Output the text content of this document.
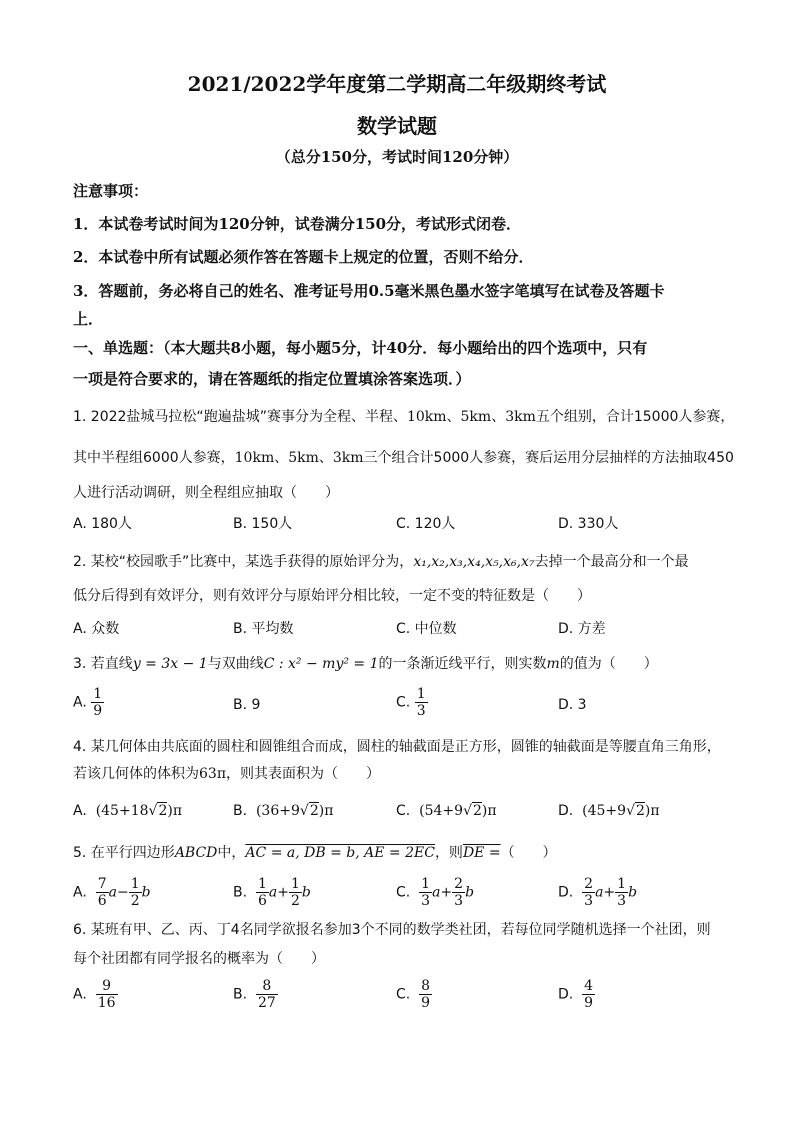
2021/2022学年度第二学期高二年级期终考试
数学试题
（总分150分，考试时间120分钟）
注意事项：
1．本试卷考试时间为120分钟，试卷满分150分，考试形式闭卷．
2．本试卷中所有试题必须作答在答题卡上规定的位置，否则不给分．
3．答题前，务必将自己的姓名、准考证号用0.5毫米黑色墨水签字笔填写在试卷及答题卡
上．
一、单选题：（本大题共8小题，每小题5分，计40分．每小题给出的四个选项中，只有
一项是符合要求的，请在答题纸的指定位置填涂答案选项．）
1. 2022盐城马拉松“跑遍盐城”赛事分为全程、半程、10km、5km、3km五个组别，合计15000人参赛，
其中半程组6000人参赛，10km、5km、3km三个组合计5000人参赛，赛后运用分层抽样的方法抽取450
人进行活动调研，则全程组应抽取（　　）
A. 180人	B. 150人	C. 120人	D. 330人
2. 某校“校园歌手”比赛中，某选手获得的原始评分为，x₁,x₂,x₃,x₄,x₅,x₆,x₇去掉一个最高分和一个最
低分后得到有效评分，则有效评分与原始评分相比较，一定不变的特征数是（　　）
A. 众数	B. 平均数	C. 中位数	D. 方差
3. 若直线y = 3x − 1与双曲线C : x² − my² = 1的一条渐近线平行，则实数m的值为（　　）
A. $\frac{1}{9}$	B. 9	C. $\frac{1}{3}$	D. 3
4. 某几何体由共底面的圆柱和圆锥组合而成，圆柱的轴截面是正方形，圆锥的轴截面是等腰直角三角形，
若该几何体的体积为63π，则其表面积为（　　）
A. (45+18√2)π	B. (36+9√2)π	C. (54+9√2)π	D. (45+9√2)π
5. 在平行四边形ABCD中，AC = a, DB = b, AE = 2EC，则DE =（　　）
A. $\frac{7}{6} a- \frac{1}{2}$ b	B. $\frac{1}{6} a+ \frac{1}{2}$ b	C. $\frac{1}{3} a+ \frac{2}{3}$ b	D. $\frac{2}{3} a+ \frac{1}{3}$ b
6. 某班有甲、乙、丙、丁4名同学欲报名参加3个不同的数学类社团，若每位同学随机选择一个社团，则
每个社团都有同学报名的概率为（　　）
A. $\frac{9}{16}$	B. $\frac{8}{27}$	C. $\frac{8}{9}$	D. $\frac{4}{9}$
